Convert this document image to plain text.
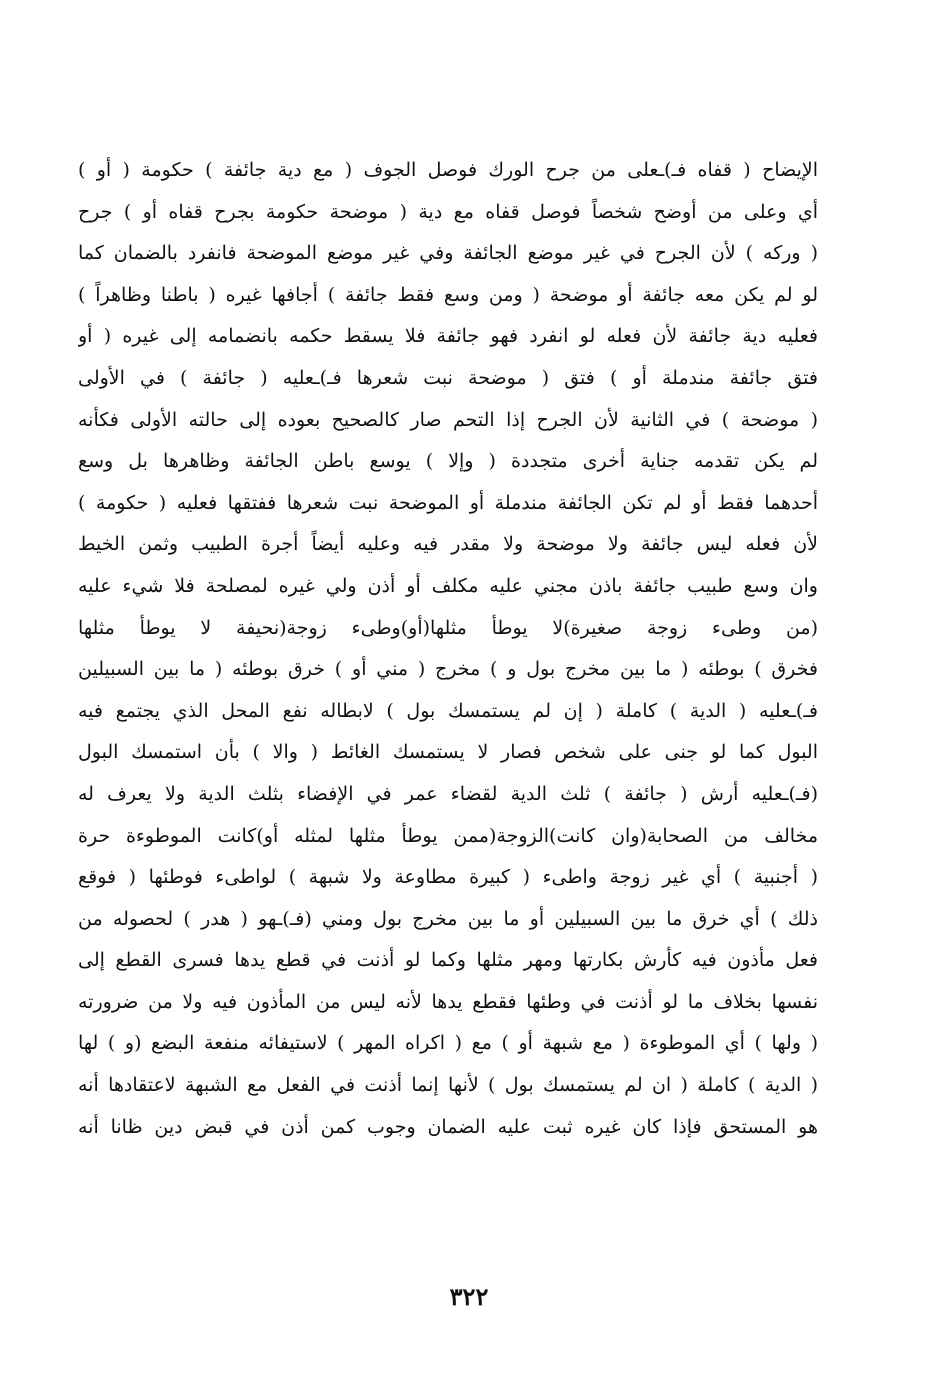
الإيضاح ( قفاه فـ)ـعلى من جرح الورك فوصل الجوف ( مع دية جائفة ) حكومة ( أو )
أي وعلى من أوضح شخصاً فوصل قفاه مع دية ( موضحة حكومة بجرح قفاه أو ) جرح
( وركه ) لأن الجرح في غير موضع الجائفة وفي غير موضع الموضحة فانفرد بالضمان كما
لو لم يكن معه جائفة أو موضحة ( ومن وسع فقط جائفة ) أجافها غيره ( باطنا وظاهراً )
فعليه دية جائفة لأن فعله لو انفرد فهو جائفة فلا يسقط حكمه بانضمامه إلى غيره ( أو
فتق جائفة مندملة أو ) فتق ( موضحة نبت شعرها فـ)ـعليه ( جائفة ) في الأولى
( موضحة ) في الثانية لأن الجرح إذا التحم صار كالصحيح بعوده إلى حالته الأولى فكأنه
لم يكن تقدمه جناية أخرى متجددة ( وإلا ) يوسع باطن الجائفة وظاهرها بل وسع
أحدهما فقط أو لم تكن الجائفة مندملة أو الموضحة نبت شعرها ففتقها فعليه ( حكومة )
لأن فعله ليس جائفة ولا موضحة ولا مقدر فيه وعليه أيضاً أجرة الطبيب وثمن الخيط
وان وسع طبيب جائفة باذن مجني عليه مكلف أو أذن ولي غيره لمصلحة فلا شيء عليه
(من وطىء زوجة صغيرة)لا يوطأ مثلها(أو)وطىء زوجة(نحيفة لا يوطأ مثلها
فخرق ) بوطئه ( ما بين مخرج بول و ) مخرج ( مني أو ) خرق بوطئه ( ما بين السبيلين
فـ)ـعليه ( الدية ) كاملة ( إن لم يستمسك بول ) لابطاله نفع المحل الذي يجتمع فيه
البول كما لو جنى على شخص فصار لا يستمسك الغائط ( والا ) بأن استمسك البول
(فـ)ـعليه أرش ( جائفة ) ثلث الدية لقضاء عمر في الإفضاء بثلث الدية ولا يعرف له
مخالف من الصحابة(وان كانت)الزوجة(ممن يوطأ مثلها لمثله أو)كانت الموطوءة حرة
( أجنبية ) أي غير زوجة واطىء ( كبيرة مطاوعة ولا شبهة ) لواطىء فوطئها ( فوقع
ذلك ) أي خرق ما بين السبيلين أو ما بين مخرج بول ومني (فـ)ـهو ( هدر ) لحصوله من
فعل مأذون فيه كأرش بكارتها ومهر مثلها وكما لو أذنت في قطع يدها فسرى القطع إلى
نفسها بخلاف ما لو أذنت في وطئها فقطع يدها لأنه ليس من المأذون فيه ولا من ضرورته
( ولها ) أي الموطوءة ( مع شبهة أو ) مع ( اكراه المهر ) لاستيفائه منفعة البضع (و ) لها
( الدية ) كاملة ( ان لم يستمسك بول ) لأنها إنما أذنت في الفعل مع الشبهة لاعتقادها أنه
هو المستحق فإذا كان غيره ثبت عليه الضمان وجوب كمن أذن في قبض دين ظانا أنه
٣٢٢
